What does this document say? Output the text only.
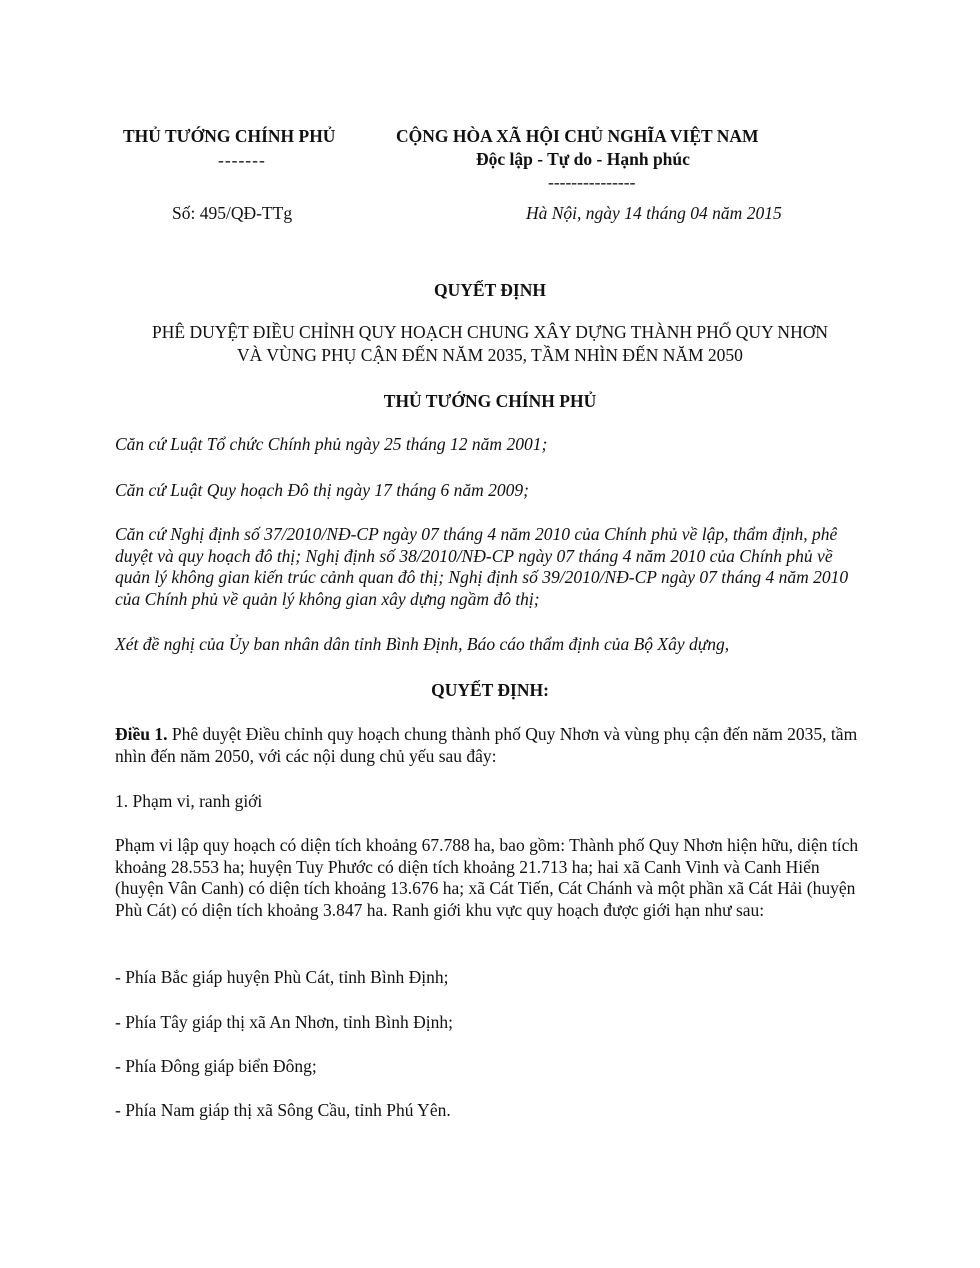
THỦ TƯỚNG CHÍNH PHỦ
-------
Số: 495/QĐ-TTg
CỘNG HÒA XÃ HỘI CHỦ NGHĨA VIỆT NAM
Độc lập - Tự do - Hạnh phúc
---------------
Hà Nội, ngày 14 tháng 04 năm 2015
QUYẾT ĐỊNH
PHÊ DUYỆT ĐIỀU CHỈNH QUY HOẠCH CHUNG XÂY DỰNG THÀNH PHỐ QUY NHƠN
VÀ VÙNG PHỤ CẬN ĐẾN NĂM 2035, TẦM NHÌN ĐẾN NĂM 2050
THỦ TƯỚNG CHÍNH PHỦ
Căn cứ Luật Tổ chức Chính phủ ngày 25 tháng 12 năm 2001;
Căn cứ Luật Quy hoạch Đô thị ngày 17 tháng 6 năm 2009;
Căn cứ Nghị định số 37/2010/NĐ-CP ngày 07 tháng 4 năm 2010 của Chính phủ về lập, thẩm định, phê duyệt và quy hoạch đô thị; Nghị định số 38/2010/NĐ-CP ngày 07 tháng 4 năm 2010 của Chính phủ về quản lý không gian kiến trúc cảnh quan đô thị; Nghị định số 39/2010/NĐ-CP ngày 07 tháng 4 năm 2010 của Chính phủ về quản lý không gian xây dựng ngầm đô thị;
Xét đề nghị của Ủy ban nhân dân tỉnh Bình Định, Báo cáo thẩm định của Bộ Xây dựng,
QUYẾT ĐỊNH:
Điều 1. Phê duyệt Điều chỉnh quy hoạch chung thành phố Quy Nhơn và vùng phụ cận đến năm 2035, tầm nhìn đến năm 2050, với các nội dung chủ yếu sau đây:
1. Phạm vi, ranh giới
Phạm vi lập quy hoạch có diện tích khoảng 67.788 ha, bao gồm: Thành phố Quy Nhơn hiện hữu, diện tích khoảng 28.553 ha; huyện Tuy Phước có diện tích khoảng 21.713 ha; hai xã Canh Vinh và Canh Hiển (huyện Vân Canh) có diện tích khoảng 13.676 ha; xã Cát Tiến, Cát Chánh và một phần xã Cát Hải (huyện Phù Cát) có diện tích khoảng 3.847 ha. Ranh giới khu vực quy hoạch được giới hạn như sau:
- Phía Bắc giáp huyện Phù Cát, tỉnh Bình Định;
- Phía Tây giáp thị xã An Nhơn, tỉnh Bình Định;
- Phía Đông giáp biển Đông;
- Phía Nam giáp thị xã Sông Cầu, tỉnh Phú Yên.
